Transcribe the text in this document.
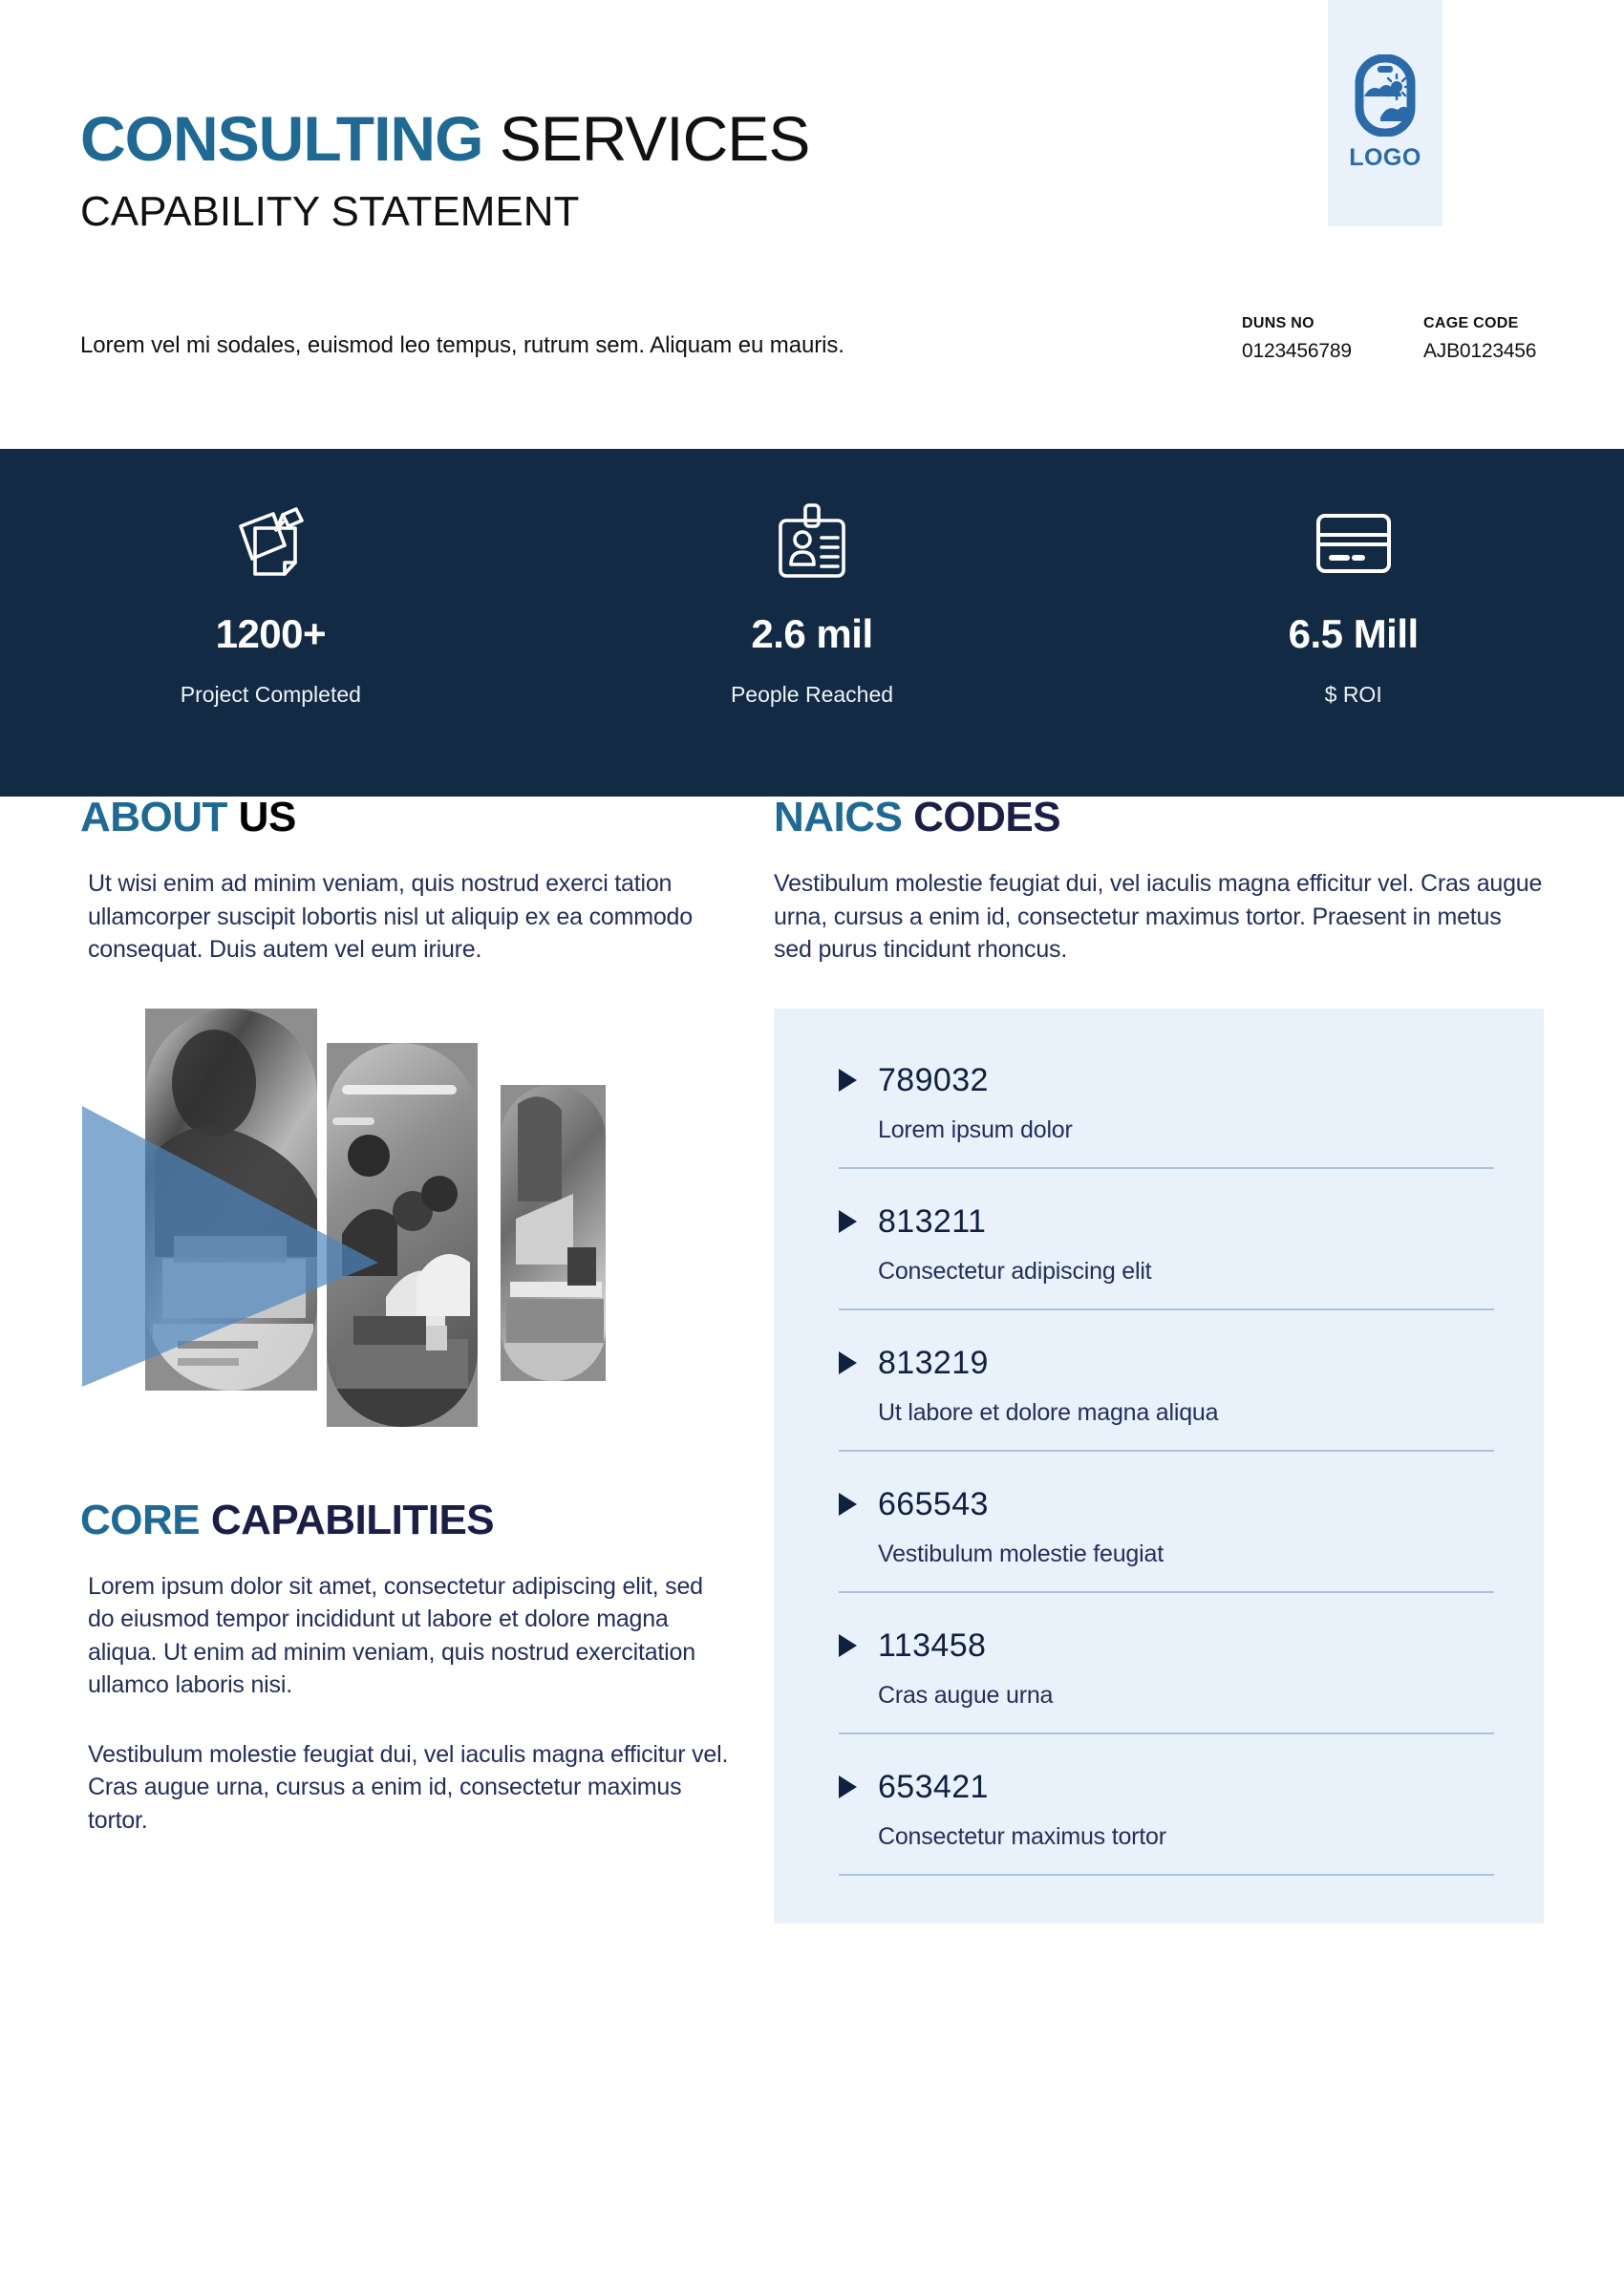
LOGO
CONSULTING SERVICES
CAPABILITY STATEMENT
Lorem vel mi sodales, euismod leo tempus, rutrum sem. Aliquam eu mauris.
DUNS NO
0123456789
CAGE CODE
AJB0123456
1200+
Project Completed
2.6 mil
People Reached
6.5 Mill
$ ROI
ABOUT US

Ut wisi enim ad minim veniam, quis nostrud exerci tation ullamcorper suscipit lobortis nisl ut aliquip ex ea commodo consequat. Duis autem vel eum iriure.

CORE CAPABILITIES

Lorem ipsum dolor sit amet, consectetur adipiscing elit, sed do eiusmod tempor incididunt ut labore et dolore magna aliqua. Ut enim ad minim veniam, quis nostrud exercitation ullamco laboris nisi.

Vestibulum molestie feugiat dui, vel iaculis magna efficitur vel. Cras augue urna, cursus a enim id, consectetur maximus tortor.

NAICS CODES

Vestibulum molestie feugiat dui, vel iaculis magna efficitur vel. Cras augue urna, cursus a enim id, consectetur maximus tortor. Praesent in metus sed purus tincidunt rhoncus.

789032
Lorem ipsum dolor
813211
Consectetur adipiscing elit
813219
Ut labore et dolore magna aliqua
665543
Vestibulum molestie feugiat
113458
Cras augue urna
653421
Consectetur maximus tortor
